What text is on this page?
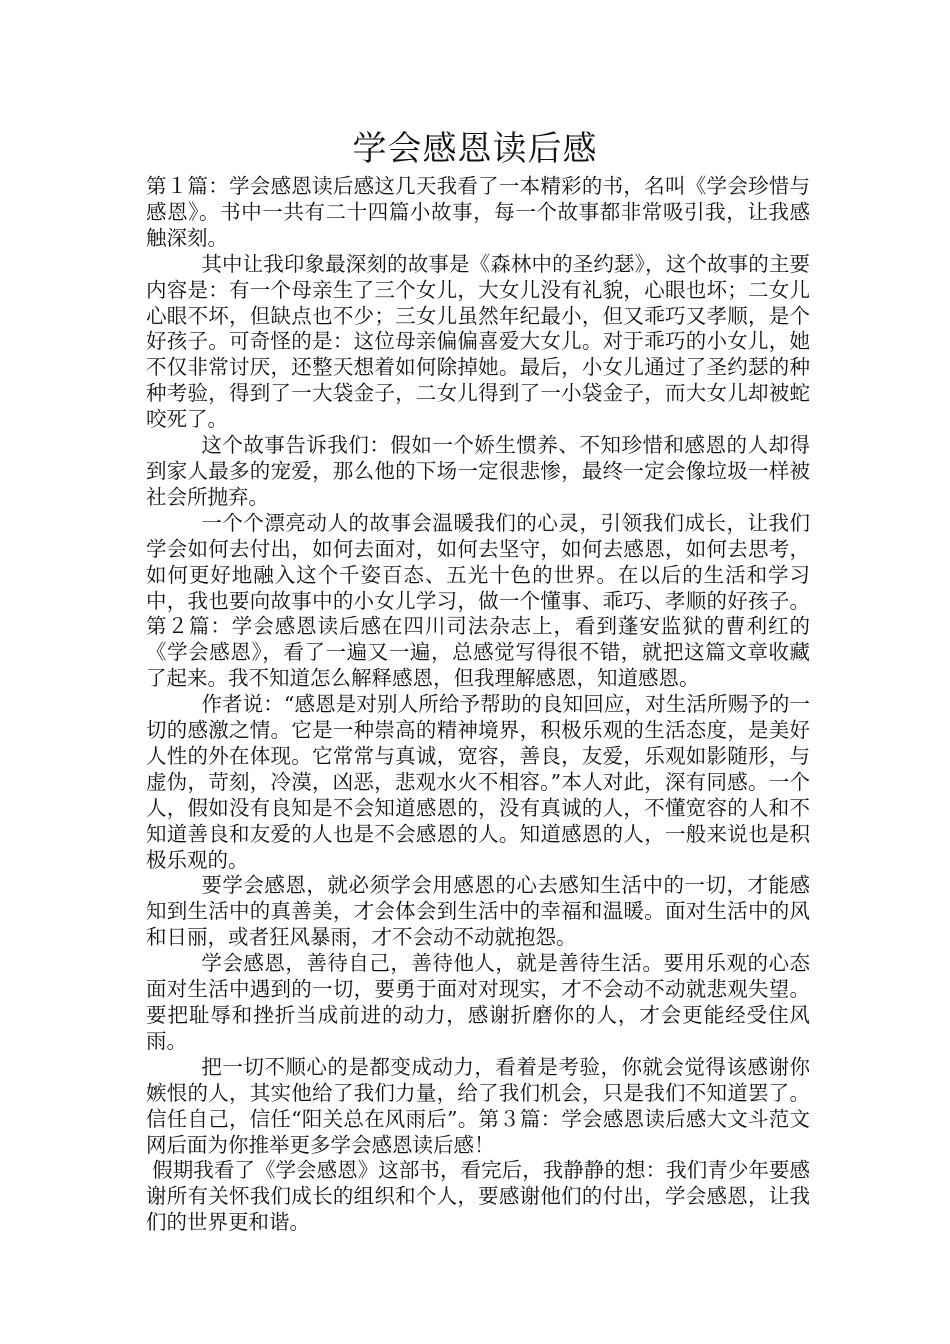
学会感恩读后感

第１篇：学会感恩读后感这几天我看了一本精彩的书，名叫《学会珍惜与感恩》。书中一共有二十四篇小故事，每一个故事都非常吸引我，让我感触深刻。

其中让我印象最深刻的故事是《森林中的圣约瑟》，这个故事的主要内容是：有一个母亲生了三个女儿，大女儿没有礼貌，心眼也坏；二女儿心眼不坏，但缺点也不少；三女儿虽然年纪最小，但又乖巧又孝顺，是个好孩子。可奇怪的是：这位母亲偏偏喜爱大女儿。对于乖巧的小女儿，她不仅非常讨厌，还整天想着如何除掉她。最后，小女儿通过了圣约瑟的种种考验，得到了一大袋金子，二女儿得到了一小袋金子，而大女儿却被蛇咬死了。

这个故事告诉我们：假如一个娇生惯养、不知珍惜和感恩的人却得到家人最多的宠爱，那么他的下场一定很悲惨，最终一定会像垃圾一样被社会所抛弃。

一个个漂亮动人的故事会温暖我们的心灵，引领我们成长，让我们学会如何去付出，如何去面对，如何去坚守，如何去感恩，如何去思考，如何更好地融入这个千姿百态、五光十色的世界。在以后的生活和学习中，我也要向故事中的小女儿学习，做一个懂事、乖巧、孝顺的好孩子。第２篇：学会感恩读后感在四川司法杂志上，看到蓬安监狱的曹利红的《学会感恩》，看了一遍又一遍，总感觉写得很不错，就把这篇文章收藏了起来。我不知道怎么解释感恩，但我理解感恩，知道感恩。

作者说：“感恩是对别人所给予帮助的良知回应，对生活所赐予的一切的感激之情。它是一种崇高的精神境界，积极乐观的生活态度，是美好人性的外在体现。它常常与真诚，宽容，善良，友爱，乐观如影随形，与虚伪，苛刻，冷漠，凶恶，悲观水火不相容。”本人对此，深有同感。一个人，假如没有良知是不会知道感恩的，没有真诚的人，不懂宽容的人和不知道善良和友爱的人也是不会感恩的人。知道感恩的人，一般来说也是积极乐观的。

要学会感恩，就必须学会用感恩的心去感知生活中的一切，才能感知到生活中的真善美，才会体会到生活中的幸福和温暖。面对生活中的风和日丽，或者狂风暴雨，才不会动不动就抱怨。

学会感恩，善待自己，善待他人，就是善待生活。要用乐观的心态面对生活中遇到的一切，要勇于面对对现实，才不会动不动就悲观失望。要把耻辱和挫折当成前进的动力，感谢折磨你的人，才会更能经受住风雨。

把一切不顺心的是都变成动力，看着是考验，你就会觉得该感谢你嫉恨的人，其实他给了我们力量，给了我们机会，只是我们不知道罢了。信任自己，信任“阳关总在风雨后”。第３篇：学会感恩读后感大文斗范文网后面为你推举更多学会感恩读后感！

假期我看了《学会感恩》这部书，看完后，我静静的想：我们青少年要感谢所有关怀我们成长的组织和个人，要感谢他们的付出，学会感恩，让我们的世界更和谐。
